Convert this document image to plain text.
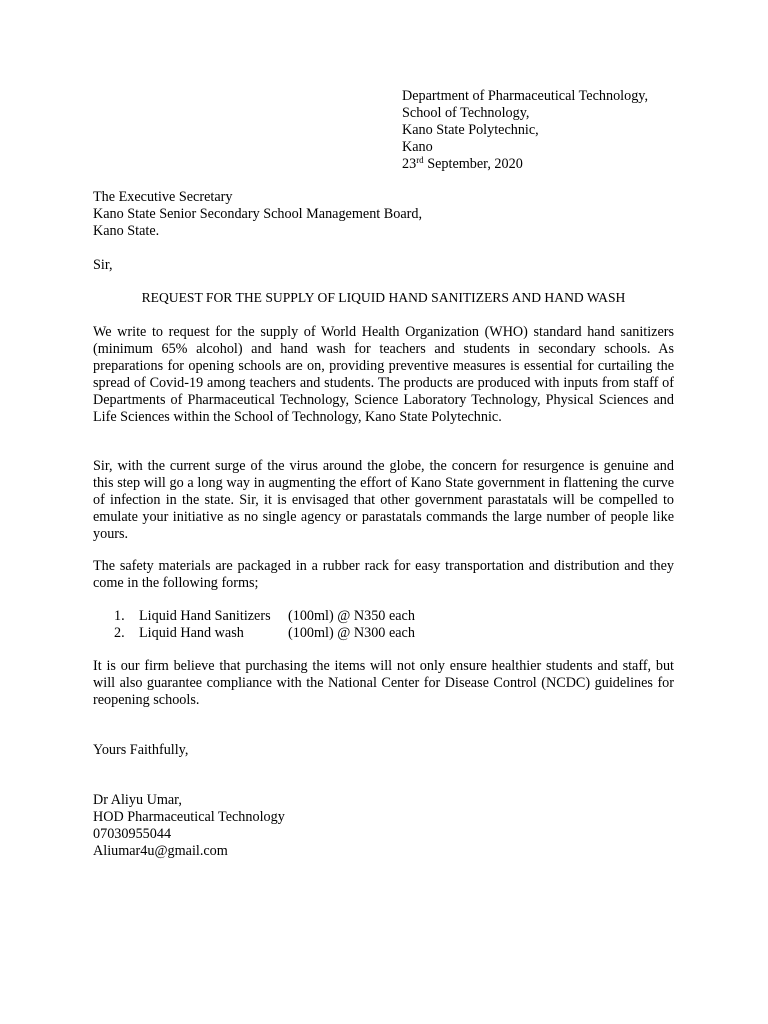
Department of Pharmaceutical Technology,
School of Technology,
Kano State Polytechnic,
Kano
23rd September, 2020
The Executive Secretary
Kano State Senior Secondary School Management Board,
Kano State.
Sir,
REQUEST FOR THE SUPPLY OF LIQUID HAND SANITIZERS AND HAND WASH
We write to request for the supply of World Health Organization (WHO) standard hand sanitizers (minimum 65% alcohol) and hand wash for teachers and students in secondary schools. As preparations for opening schools are on, providing preventive measures is essential for curtailing the spread of Covid-19 among teachers and students. The products are produced with inputs from staff of Departments of Pharmaceutical Technology, Science Laboratory Technology, Physical Sciences and Life Sciences within the School of Technology, Kano State Polytechnic.
Sir, with the current surge of the virus around the globe, the concern for resurgence is genuine and this step will go a long way in augmenting the effort of Kano State government in flattening the curve of infection in the state. Sir, it is envisaged that other government parastatals will be compelled to emulate your initiative as no single agency or parastatals commands the large number of people like yours.
The safety materials are packaged in a rubber rack for easy transportation and distribution and they come in the following forms;
1.	Liquid Hand Sanitizers	(100ml) @ N350 each
2.	Liquid Hand wash	(100ml) @ N300 each
It is our firm believe that purchasing the items will not only ensure healthier students and staff, but will also guarantee compliance with the National Center for Disease Control (NCDC) guidelines for reopening schools.
Yours Faithfully,
Dr Aliyu Umar,
HOD Pharmaceutical Technology
07030955044
Aliumar4u@gmail.com
